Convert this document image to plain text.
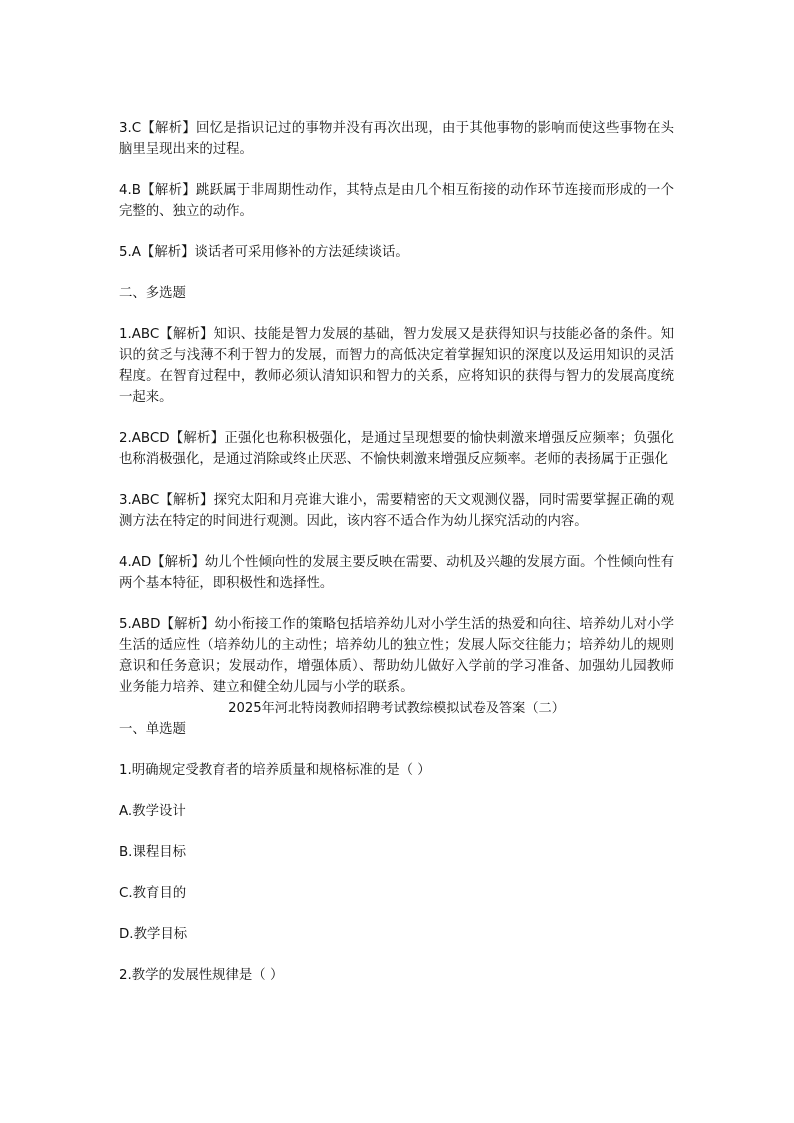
3.C【解析】回忆是指识记过的事物并没有再次出现，由于其他事物的影响而使这些事物在头脑里呈现出来的过程。

4.B【解析】跳跃属于非周期性动作，其特点是由几个相互衔接的动作环节连接而形成的一个完整的、独立的动作。

5.A【解析】谈话者可采用修补的方法延续谈话。

二、多选题

1.ABC【解析】知识、技能是智力发展的基础，智力发展又是获得知识与技能必备的条件。知识的贫乏与浅薄不利于智力的发展，而智力的高低决定着掌握知识的深度以及运用知识的灵活程度。在智育过程中，教师必须认清知识和智力的关系，应将知识的获得与智力的发展高度统一起来。

2.ABCD【解析】正强化也称积极强化，是通过呈现想要的愉快刺激来增强反应频率；负强化也称消极强化，是通过消除或终止厌恶、不愉快刺激来增强反应频率。老师的表扬属于正强化

3.ABC【解析】探究太阳和月亮谁大谁小，需要精密的天文观测仪器，同时需要掌握正确的观测方法在特定的时间进行观测。因此，该内容不适合作为幼儿探究活动的内容。

4.AD【解析】幼儿个性倾向性的发展主要反映在需要、动机及兴趣的发展方面。个性倾向性有两个基本特征，即积极性和选择性。

5.ABD【解析】幼小衔接工作的策略包括培养幼儿对小学生活的热爱和向往、培养幼儿对小学生活的适应性（培养幼儿的主动性；培养幼儿的独立性；发展人际交往能力；培养幼儿的规则意识和任务意识；发展动作，增强体质）、帮助幼儿做好入学前的学习准备、加强幼儿园教师业务能力培养、建立和健全幼儿园与小学的联系。

2025年河北特岗教师招聘考试教综模拟试卷及答案（二）

一、单选题

1.明确规定受教育者的培养质量和规格标准的是（ ）

A.教学设计

B.课程目标

C.教育目的

D.教学目标

2.教学的发展性规律是（ ）
